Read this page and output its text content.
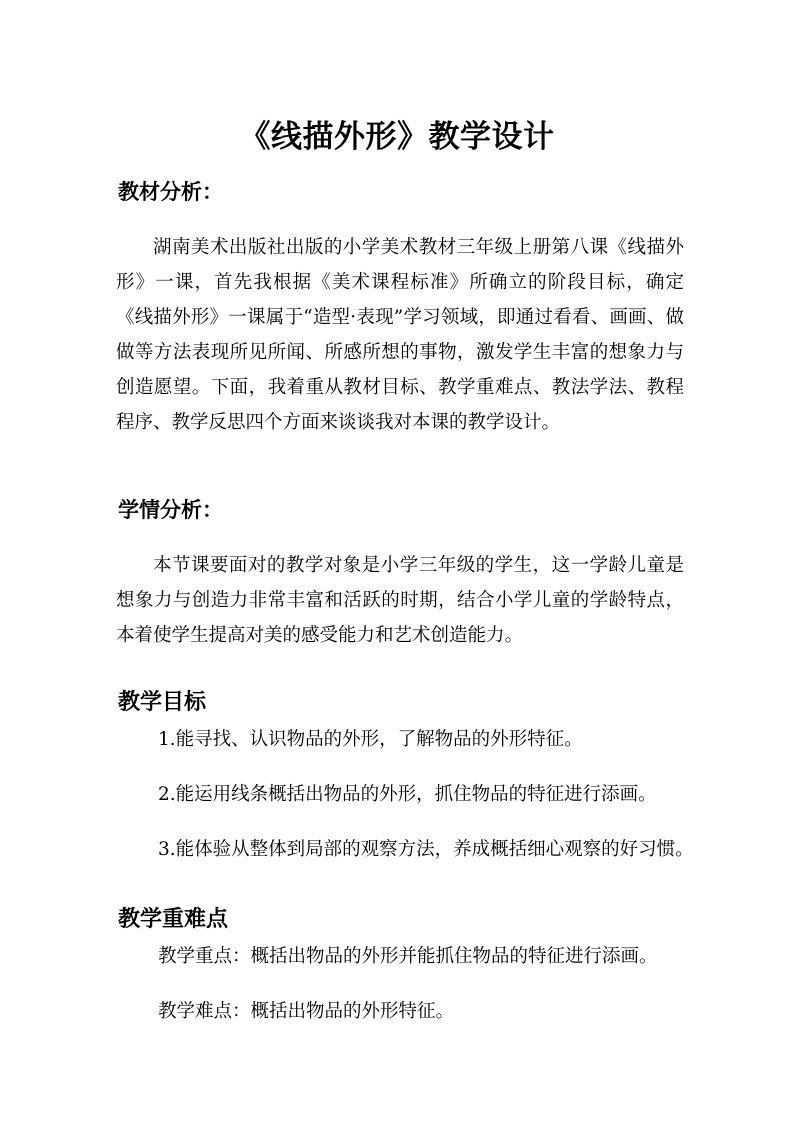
《线描外形》教学设计
教材分析：

湖南美术出版社出版的小学美术教材三年级上册第八课《线描外形》一课，首先我根据《美术课程标准》所确立的阶段目标，确定《线描外形》一课属于“造型·表现”学习领域，即通过看看、画画、做做等方法表现所见所闻、所感所想的事物，激发学生丰富的想象力与创造愿望。下面，我着重从教材目标、教学重难点、教法学法、教程程序、教学反思四个方面来谈谈我对本课的教学设计。

学情分析：

本节课要面对的教学对象是小学三年级的学生，这一学龄儿童是想象力与创造力非常丰富和活跃的时期，结合小学儿童的学龄特点，本着使学生提高对美的感受能力和艺术创造能力。

教学目标
1.能寻找、认识物品的外形，了解物品的外形特征。
2.能运用线条概括出物品的外形，抓住物品的特征进行添画。
3.能体验从整体到局部的观察方法，养成概括细心观察的好习惯。
教学重难点
教学重点：概括出物品的外形并能抓住物品的特征进行添画。
教学难点：概括出物品的外形特征。
